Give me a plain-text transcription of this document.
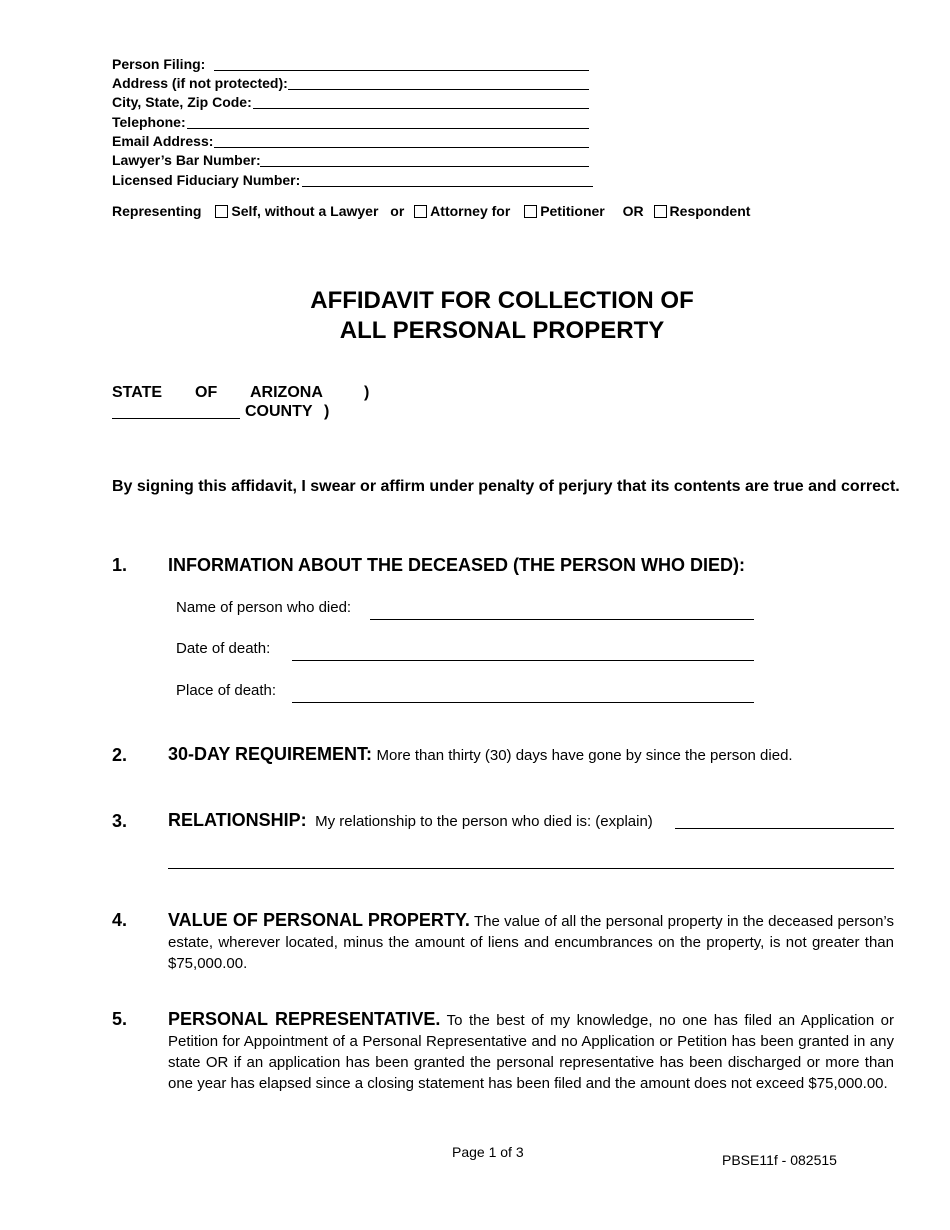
Person Filing:
Address (if not protected):
City, State, Zip Code:
Telephone:
Email Address:
Lawyer’s Bar Number:
Licensed Fiduciary Number:
Representing Self, without a Lawyer or Attorney for Petitioner OR Respondent
AFFIDAVIT FOR COLLECTION OF
ALL PERSONAL PROPERTY
STATE OF ARIZONA	)
COUNTY )
By signing this affidavit, I swear or affirm under penalty of perjury that its contents are true and correct.
1. INFORMATION ABOUT THE DECEASED (THE PERSON WHO DIED):
Name of person who died:
Date of death:
Place of death:
2. 30-DAY REQUIREMENT: More than thirty (30) days have gone by since the person died.
3. RELATIONSHIP: My relationship to the person who died is: (explain)
4. VALUE OF PERSONAL PROPERTY. The value of all the personal property in the deceased person’s estate, wherever located, minus the amount of liens and encumbrances on the property, is not greater than $75,000.00.
5. PERSONAL REPRESENTATIVE. To the best of my knowledge, no one has filed an Application or Petition for Appointment of a Personal Representative and no Application or Petition has been granted in any state OR if an application has been granted the personal representative has been discharged or more than one year has elapsed since a closing statement has been filed and the amount does not exceed $75,000.00.
Page 1 of 3	PBSE11f - 082515
